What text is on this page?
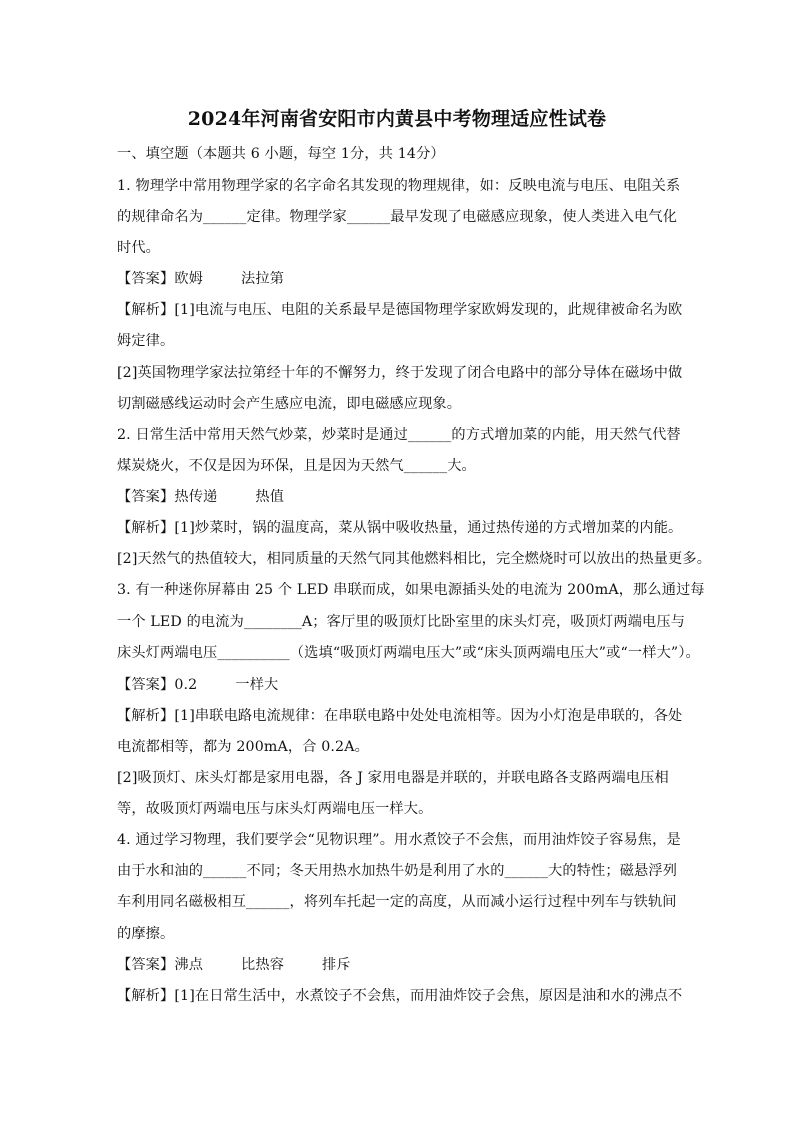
2024年河南省安阳市内黄县中考物理适应性试卷
一、填空题（本题共 6 小题，每空 1分，共 14分）
1. 物理学中常用物理学家的名字命名其发现的物理规律，如：反映电流与电压、电阻关系
的规律命名为______定律。物理学家______最早发现了电磁感应现象，使人类进入电气化
时代。
【答案】欧姆	法拉第
【解析】[1]电流与电压、电阻的关系最早是德国物理学家欧姆发现的，此规律被命名为欧
姆定律。
[2]英国物理学家法拉第经十年的不懈努力，终于发现了闭合电路中的部分导体在磁场中做
切割磁感线运动时会产生感应电流，即电磁感应现象。
2. 日常生活中常用天然气炒菜，炒菜时是通过______的方式增加菜的内能，用天然气代替
煤炭烧火，不仅是因为环保，且是因为天然气______大。
【答案】热传递	热值
【解析】[1]炒菜时，锅的温度高，菜从锅中吸收热量，通过热传递的方式增加菜的内能。
[2]天然气的热值较大，相同质量的天然气同其他燃料相比，完全燃烧时可以放出的热量更多。
3. 有一种迷你屏幕由 25 个 LED 串联而成，如果电源插头处的电流为 200mA，那么通过每
一个 LED 的电流为________A；客厅里的吸顶灯比卧室里的床头灯亮，吸顶灯两端电压与
床头灯两端电压__________（选填“吸顶灯两端电压大”或“床头顶两端电压大”或“一样大”）。
【答案】0.2	一样大
【解析】[1]串联电路电流规律：在串联电路中处处电流相等。因为小灯泡是串联的，各处
电流都相等，都为 200mA，合 0.2A。
[2]吸顶灯、床头灯都是家用电器，各 J 家用电器是并联的，并联电路各支路两端电压相
等，故吸顶灯两端电压与床头灯两端电压一样大。
4. 通过学习物理，我们要学会“见物识理”。用水煮饺子不会焦，而用油炸饺子容易焦，是
由于水和油的______不同；冬天用热水加热牛奶是利用了水的______大的特性；磁悬浮列
车利用同名磁极相互______，将列车托起一定的高度，从而减小运行过程中列车与铁轨间
的摩擦。
【答案】沸点	比热容	排斥
【解析】[1]在日常生活中，水煮饺子不会焦，而用油炸饺子会焦，原因是油和水的沸点不
